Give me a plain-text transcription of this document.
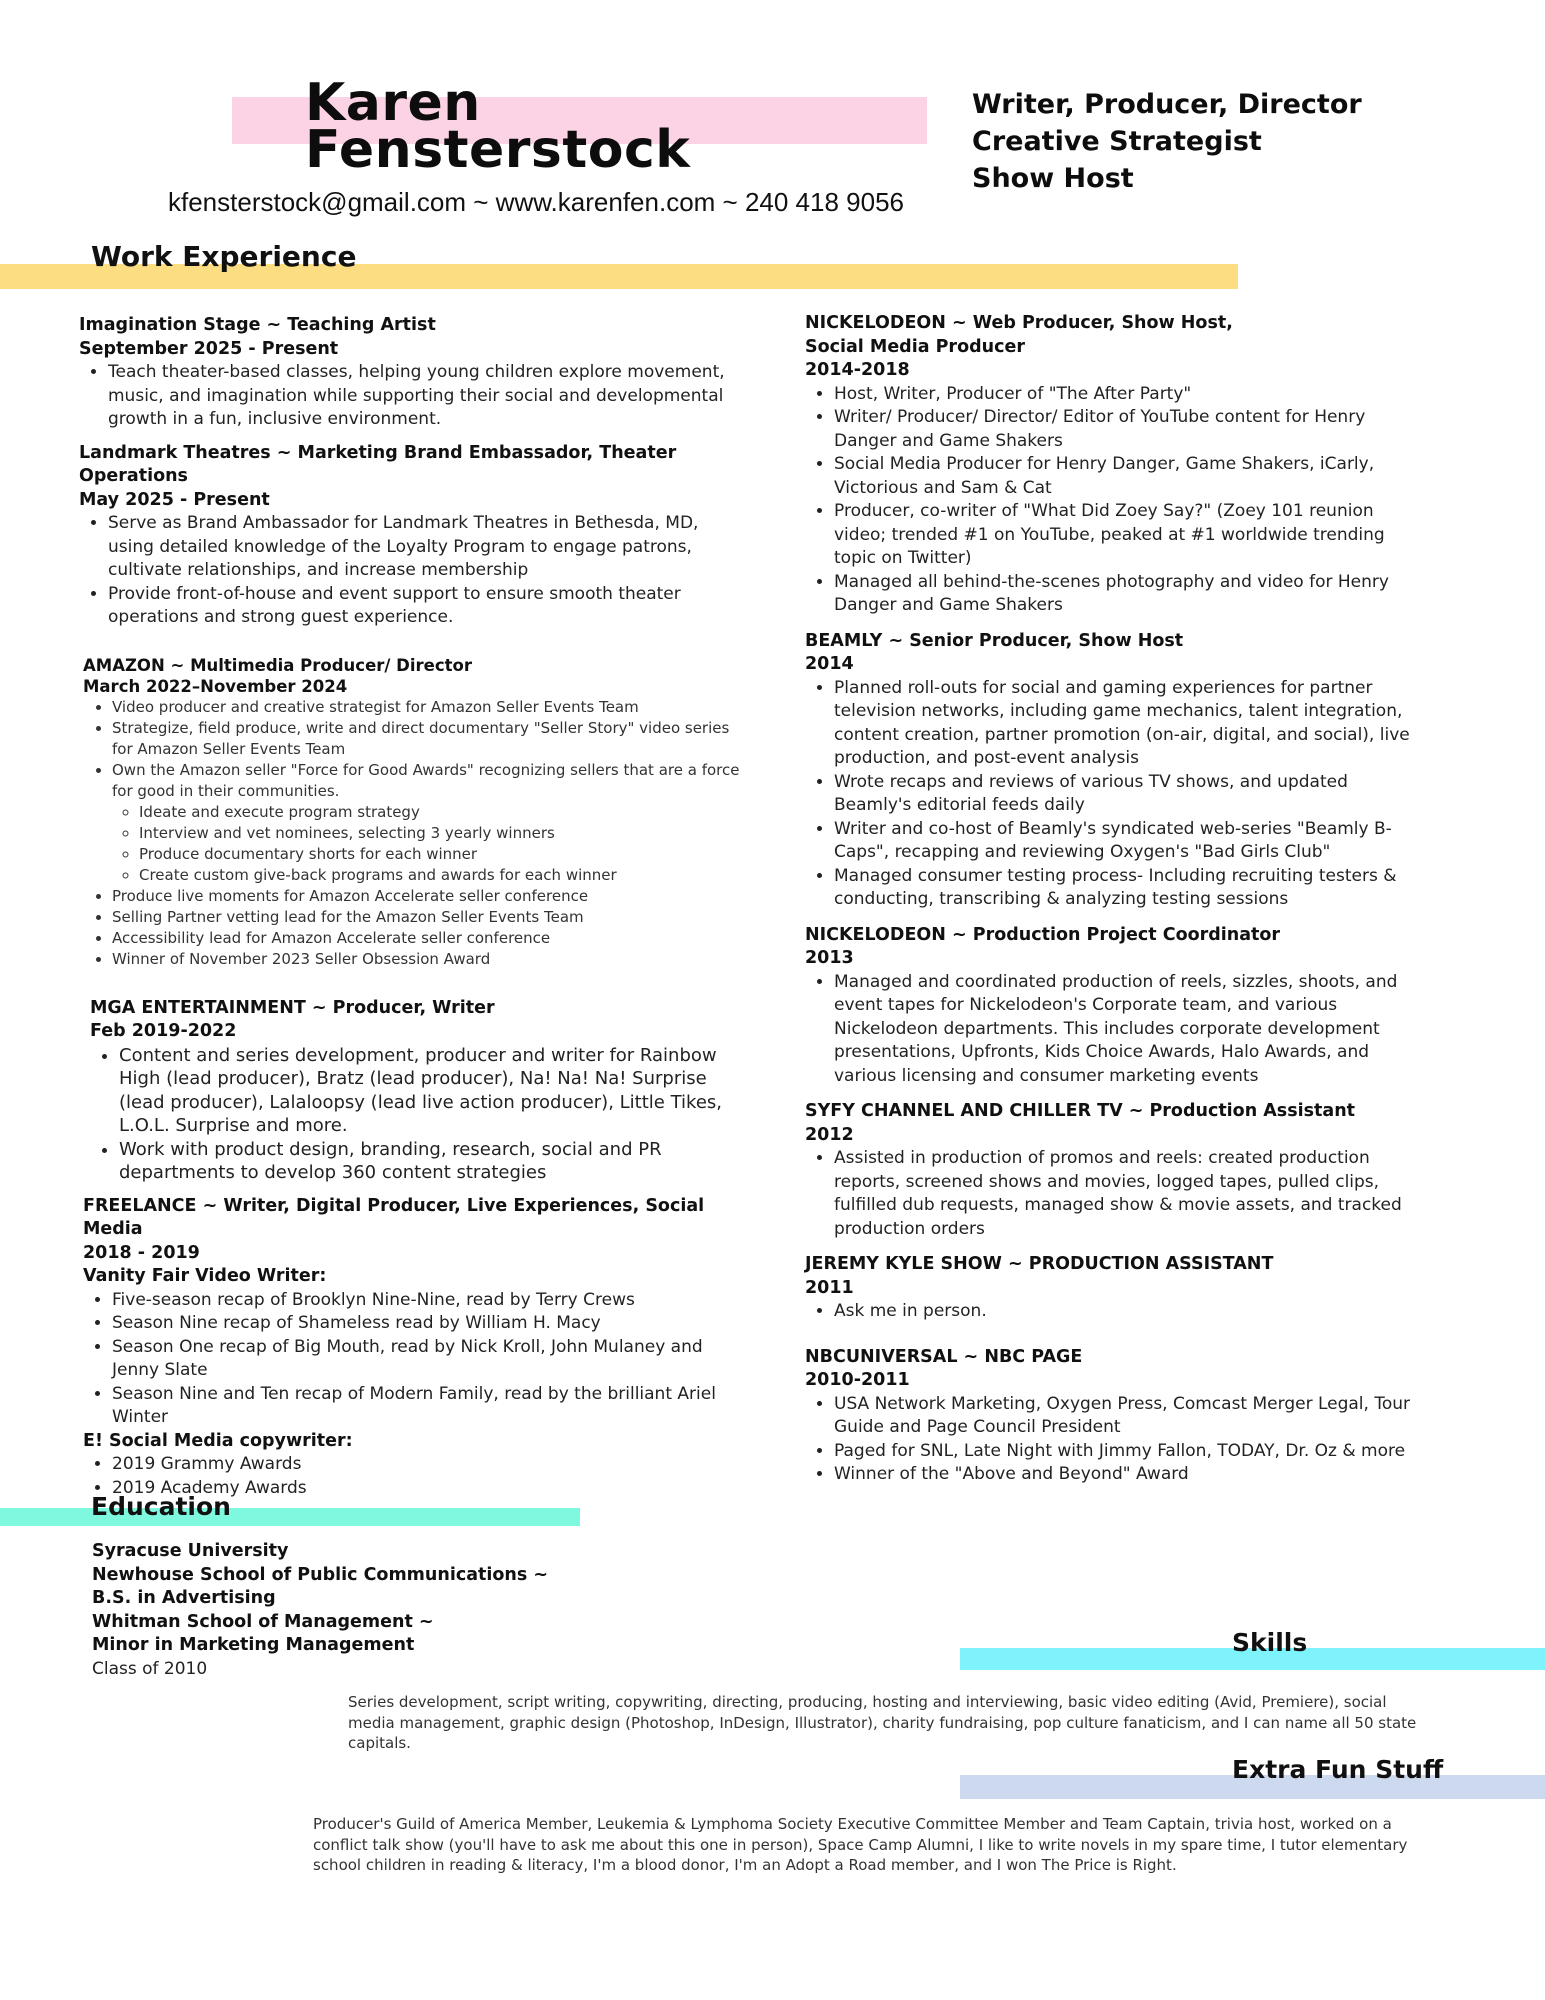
Karen
Fensterstock
kfensterstock@gmail.com ~ www.karenfen.com ~ 240 418 9056
Writer, Producer, Director
Creative Strategist
Show Host
Work Experience
Imagination Stage ~ Teaching Artist
September 2025 - Present
• Teach theater-based classes, helping young children explore movement, music, and imagination while supporting their social and developmental growth in a fun, inclusive environment.
Landmark Theatres ~ Marketing Brand Embassador, Theater Operations
May 2025 - Present
• Serve as Brand Ambassador for Landmark Theatres in Bethesda, MD, using detailed knowledge of the Loyalty Program to engage patrons, cultivate relationships, and increase membership
• Provide front-of-house and event support to ensure smooth theater operations and strong guest experience.
AMAZON ~ Multimedia Producer/ Director
March 2022–November 2024
• Video producer and creative strategist for Amazon Seller Events Team
• Strategize, field produce, write and direct documentary "Seller Story" video series for Amazon Seller Events Team
• Own the Amazon seller "Force for Good Awards" recognizing sellers that are a force for good in their communities.
◦ Ideate and execute program strategy
◦ Interview and vet nominees, selecting 3 yearly winners
◦ Produce documentary shorts for each winner
◦ Create custom give-back programs and awards for each winner
• Produce live moments for Amazon Accelerate seller conference
• Selling Partner vetting lead for the Amazon Seller Events Team
• Accessibility lead for Amazon Accelerate seller conference
• Winner of November 2023 Seller Obsession Award
MGA ENTERTAINMENT ~ Producer, Writer
Feb 2019-2022
• Content and series development, producer and writer for Rainbow High (lead producer), Bratz (lead producer), Na! Na! Na! Surprise (lead producer), Lalaloopsy (lead live action producer), Little Tikes, L.O.L. Surprise and more.
• Work with product design, branding, research, social and PR departments to develop 360 content strategies
FREELANCE ~ Writer, Digital Producer, Live Experiences, Social Media
2018 - 2019
Vanity Fair Video Writer:
• Five-season recap of Brooklyn Nine-Nine, read by Terry Crews
• Season Nine recap of Shameless read by William H. Macy
• Season One recap of Big Mouth, read by Nick Kroll, John Mulaney and Jenny Slate
• Season Nine and Ten recap of Modern Family, read by the brilliant Ariel Winter
E! Social Media copywriter:
• 2019 Grammy Awards
• 2019 Academy Awards
NICKELODEON ~ Web Producer, Show Host,
Social Media Producer
2014-2018
• Host, Writer, Producer of "The After Party"
• Writer/ Producer/ Director/ Editor of YouTube content for Henry Danger and Game Shakers
• Social Media Producer for Henry Danger, Game Shakers, iCarly, Victorious and Sam & Cat
• Producer, co-writer of "What Did Zoey Say?" (Zoey 101 reunion video; trended #1 on YouTube, peaked at #1 worldwide trending topic on Twitter)
• Managed all behind-the-scenes photography and video for Henry Danger and Game Shakers
BEAMLY ~ Senior Producer, Show Host
2014
• Planned roll-outs for social and gaming experiences for partner television networks, including game mechanics, talent integration, content creation, partner promotion (on-air, digital, and social), live production, and post-event analysis
• Wrote recaps and reviews of various TV shows, and updated Beamly's editorial feeds daily
• Writer and co-host of Beamly's syndicated web-series "Beamly B-Caps", recapping and reviewing Oxygen's "Bad Girls Club"
• Managed consumer testing process- Including recruiting testers & conducting, transcribing & analyzing testing sessions
NICKELODEON ~ Production Project Coordinator
2013
• Managed and coordinated production of reels, sizzles, shoots, and event tapes for Nickelodeon's Corporate team, and various Nickelodeon departments. This includes corporate development presentations, Upfronts, Kids Choice Awards, Halo Awards, and various licensing and consumer marketing events
SYFY CHANNEL AND CHILLER TV ~ Production Assistant
2012
• Assisted in production of promos and reels: created production reports, screened shows and movies, logged tapes, pulled clips, fulfilled dub requests, managed show & movie assets, and tracked production orders
JEREMY KYLE SHOW ~ PRODUCTION ASSISTANT
2011
• Ask me in person.
NBCUNIVERSAL ~ NBC PAGE
2010-2011
• USA Network Marketing, Oxygen Press, Comcast Merger Legal, Tour Guide and Page Council President
• Paged for SNL, Late Night with Jimmy Fallon, TODAY, Dr. Oz & more
• Winner of the "Above and Beyond" Award
Education
Syracuse University
Newhouse School of Public Communications ~
B.S. in Advertising
Whitman School of Management ~
Minor in Marketing Management
Class of 2010
Skills
Series development, script writing, copywriting, directing, producing, hosting and interviewing, basic video editing (Avid, Premiere), social media management, graphic design (Photoshop, InDesign, Illustrator), charity fundraising, pop culture fanaticism, and I can name all 50 state capitals.
Extra Fun Stuff
Producer's Guild of America Member, Leukemia & Lymphoma Society Executive Committee Member and Team Captain, trivia host, worked on a conflict talk show (you'll have to ask me about this one in person), Space Camp Alumni, I like to write novels in my spare time, I tutor elementary school children in reading & literacy, I'm a blood donor, I'm an Adopt a Road member, and I won The Price is Right.
